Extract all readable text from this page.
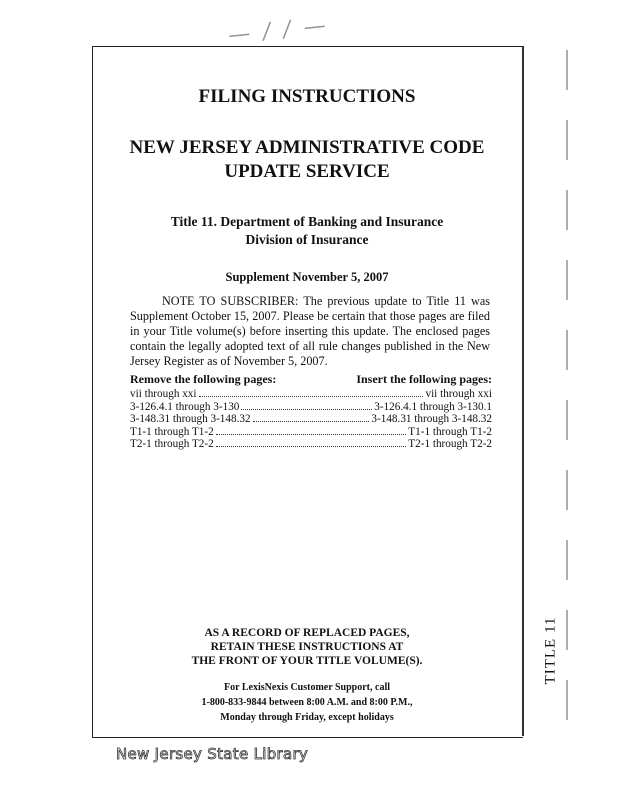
— / / —
TITLE 11
FILING INSTRUCTIONS
NEW JERSEY ADMINISTRATIVE CODE
UPDATE SERVICE
Title 11. Department of Banking and Insurance
Division of Insurance
Supplement November 5, 2007
NOTE TO SUBSCRIBER: The previous update to Title 11 was Supplement October 15, 2007. Please be certain that those pages are filed in your Title volume(s) before inserting this update. The enclosed pages contain the legally adopted text of all rule changes published in the New Jersey Register as of November 5, 2007.
Remove the following pages:	Insert the following pages:
vii through xxi	vii through xxi
3-126.4.1 through 3-130	3-126.4.1 through 3-130.1
3-148.31 through 3-148.32	3-148.31 through 3-148.32
T1-1 through T1-2	T1-1 through T1-2
T2-1 through T2-2	T2-1 through T2-2
AS A RECORD OF REPLACED PAGES,
RETAIN THESE INSTRUCTIONS AT
THE FRONT OF YOUR TITLE VOLUME(S).
For LexisNexis Customer Support, call
1-800-833-9844 between 8:00 A.M. and 8:00 P.M.,
Monday through Friday, except holidays
New Jersey State Library
